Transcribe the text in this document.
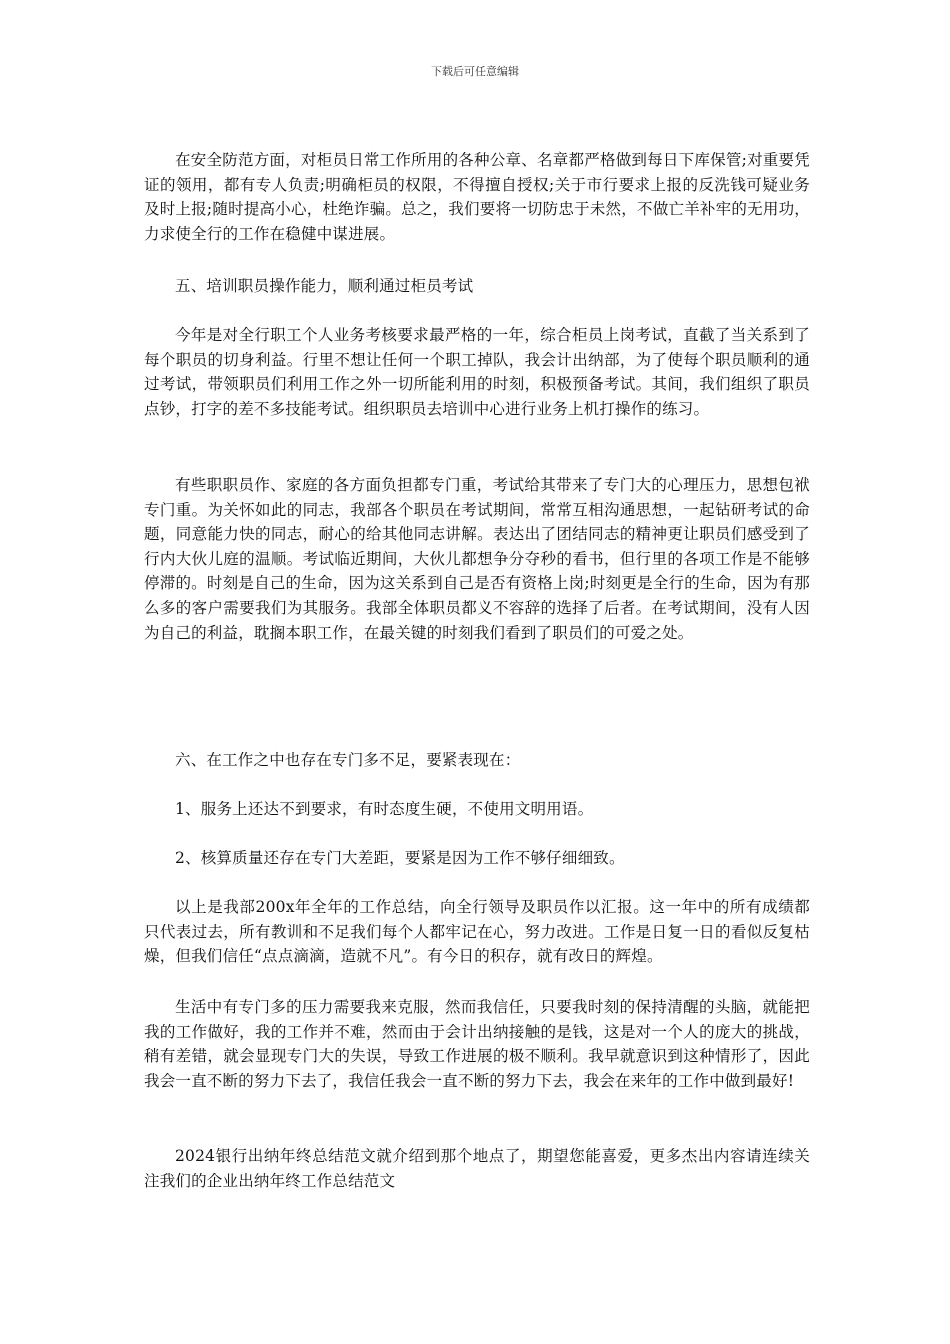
下载后可任意编辑

在安全防范方面，对柜员日常工作所用的各种公章、名章都严格做到每日下库保管;对重要凭证的领用，都有专人负责;明确柜员的权限，不得擅自授权;关于市行要求上报的反洗钱可疑业务及时上报;随时提高小心，杜绝诈骗。总之，我们要将一切防忠于未然，不做亡羊补牢的无用功，力求使全行的工作在稳健中谋进展。

五、培训职员操作能力，顺利通过柜员考试

今年是对全行职工个人业务考核要求最严格的一年，综合柜员上岗考试，直截了当关系到了每个职员的切身利益。行里不想让任何一个职工掉队，我会计出纳部，为了使每个职员顺利的通过考试，带领职员们利用工作之外一切所能利用的时刻，积极预备考试。其间，我们组织了职员点钞，打字的差不多技能考试。组织职员去培训中心进行业务上机打操作的练习。

有些职职员作、家庭的各方面负担都专门重，考试给其带来了专门大的心理压力，思想包袱专门重。为关怀如此的同志，我部各个职员在考试期间，常常互相沟通思想，一起钻研考试的命题，同意能力快的同志，耐心的给其他同志讲解。表达出了团结同志的精神更让职员们感受到了行内大伙儿庭的温顺。考试临近期间，大伙儿都想争分夺秒的看书，但行里的各项工作是不能够停滞的。时刻是自己的生命，因为这关系到自己是否有资格上岗;时刻更是全行的生命，因为有那么多的客户需要我们为其服务。我部全体职员都义不容辞的选择了后者。在考试期间，没有人因为自己的利益，耽搁本职工作，在最关键的时刻我们看到了职员们的可爱之处。

六、在工作之中也存在专门多不足，要紧表现在：

1、服务上还达不到要求，有时态度生硬，不使用文明用语。

2、核算质量还存在专门大差距，要紧是因为工作不够仔细细致。

以上是我部200x年全年的工作总结，向全行领导及职员作以汇报。这一年中的所有成绩都只代表过去，所有教训和不足我们每个人都牢记在心，努力改进。工作是日复一日的看似反复枯燥，但我们信任“点点滴滴，造就不凡”。有今日的积存，就有改日的辉煌。

生活中有专门多的压力需要我来克服，然而我信任，只要我时刻的保持清醒的头脑，就能把我的工作做好，我的工作并不难，然而由于会计出纳接触的是钱，这是对一个人的庞大的挑战，稍有差错，就会显现专门大的失误，导致工作进展的极不顺利。我早就意识到这种情形了，因此我会一直不断的努力下去了，我信任我会一直不断的努力下去，我会在来年的工作中做到最好!

2024银行出纳年终总结范文就介绍到那个地点了，期望您能喜爱，更多杰出内容请连续关注我们的企业出纳年终工作总结范文
